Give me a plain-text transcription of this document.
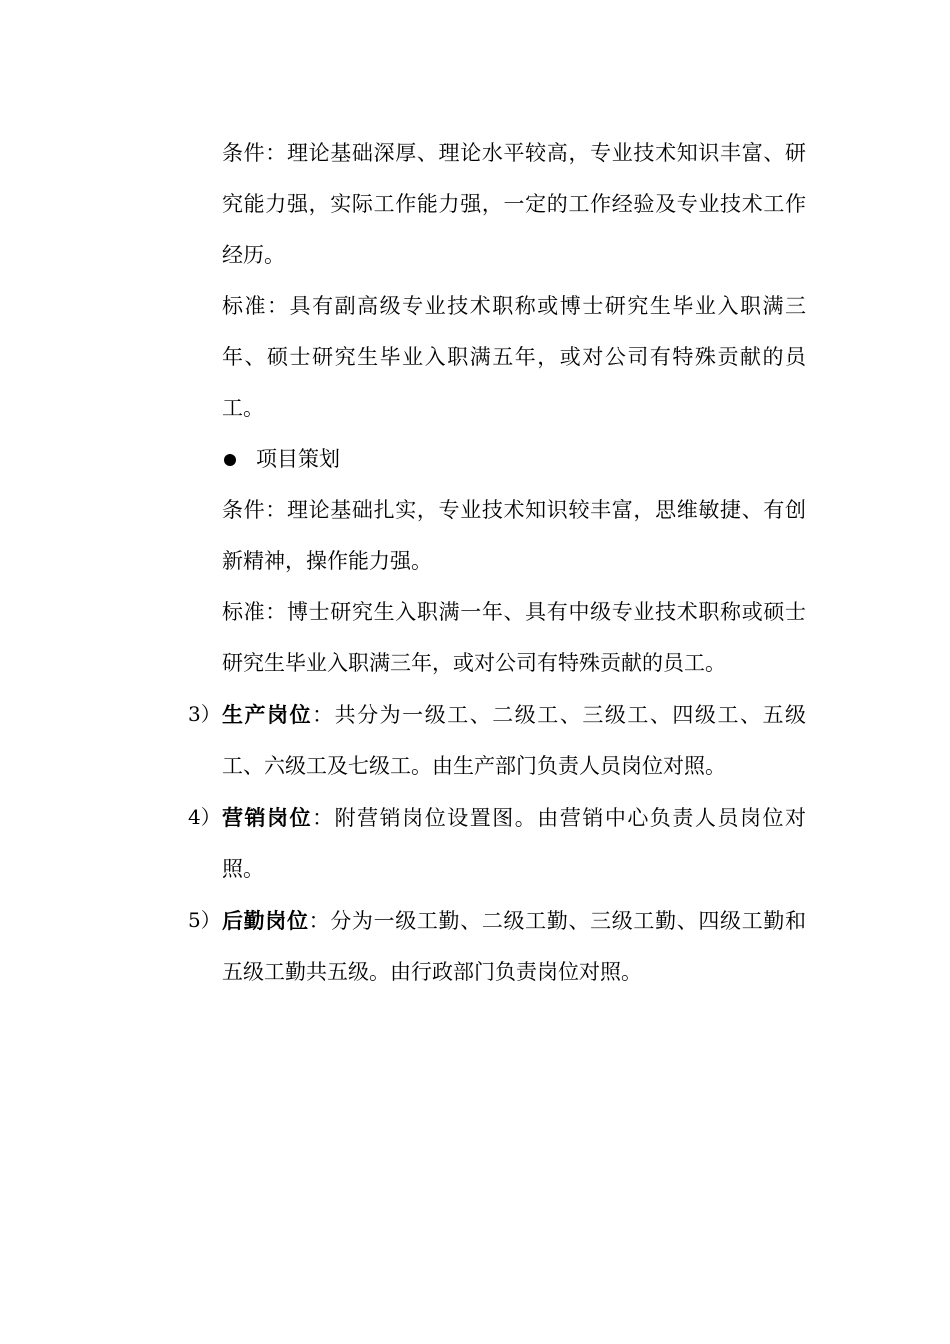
条件：理论基础深厚、理论水平较高，专业技术知识丰富、研究能力强，实际工作能力强，一定的工作经验及专业技术工作经历。

标准：具有副高级专业技术职称或博士研究生毕业入职满三年、硕士研究生毕业入职满五年，或对公司有特殊贡献的员工。

项目策划

条件：理论基础扎实，专业技术知识较丰富，思维敏捷、有创新精神，操作能力强。

标准：博士研究生入职满一年、具有中级专业技术职称或硕士研究生毕业入职满三年，或对公司有特殊贡献的员工。

3） 生产岗位：共分为一级工、二级工、三级工、四级工、五级工、六级工及七级工。由生产部门负责人员岗位对照。

4） 营销岗位：附营销岗位设置图。由营销中心负责人员岗位对照。

5） 后勤岗位：分为一级工勤、二级工勤、三级工勤、四级工勤和五级工勤共五级。由行政部门负责岗位对照。
